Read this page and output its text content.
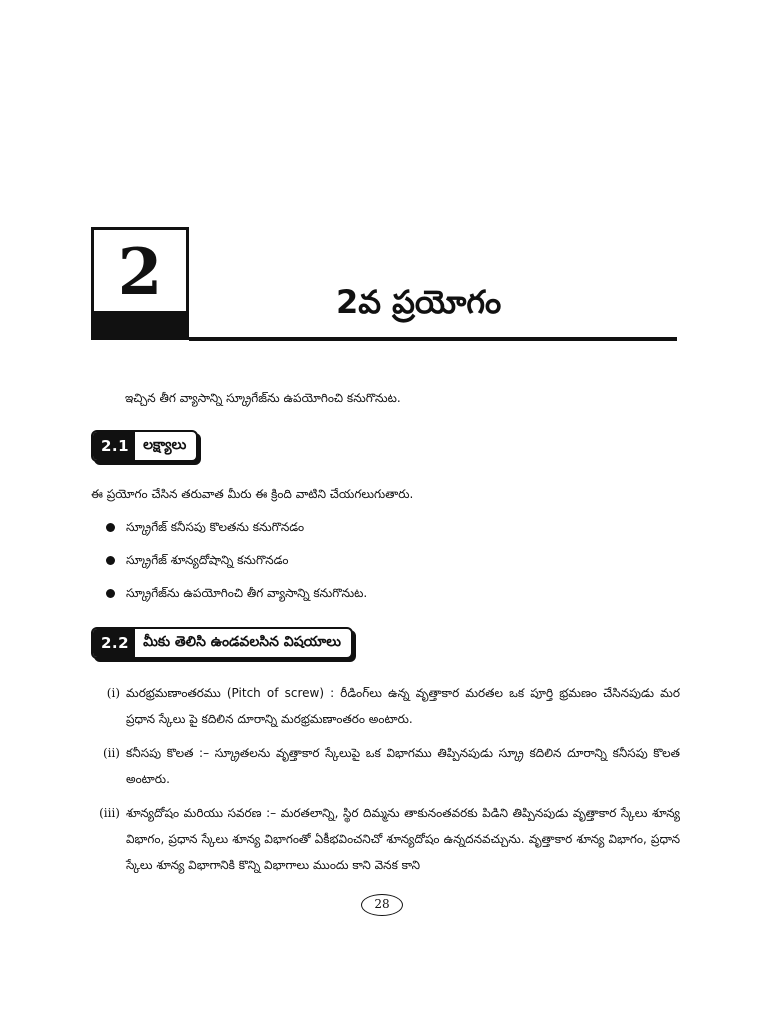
2	2వ ప్రయోగం
ఇచ్చిన తీగ వ్యాసాన్ని స్క్రూగేజ్‌ను ఉపయోగించి కనుగొనుట.
2.1	లక్ష్యాలు
ఈ ప్రయోగం చేసిన తరువాత మీరు ఈ క్రింది వాటిని చేయగలుగుతారు.
స్క్రూగేజ్ కనీసపు కొలతను కనుగొనడం
స్క్రూగేజ్ శూన్యదోషాన్ని కనుగొనడం
స్క్రూగేజ్‌ను ఉపయోగించి తీగ వ్యాసాన్ని కనుగొనుట.
2.2	మీకు తెలిసి ఉండవలసిన విషయాలు
(i) మరభ్రమణాంతరము (Pitch of screw) : రీడింగ్‌లు ఉన్న వృత్తాకార మరతల ఒక పూర్తి భ్రమణం చేసినపుడు మర ప్రధాన స్కేలు పై కదిలిన దూరాన్ని మరభ్రమణాంతరం అంటారు.
(ii) కనీసపు కొలత :– స్క్రూతలను వృత్తాకార స్కేలుపై ఒక విభాగము తిప్పినపుడు స్క్రూ కదిలిన దూరాన్ని కనీసపు కొలత అంటారు.
(iii) శూన్యదోషం మరియు సవరణ :– మరతలాన్ని, స్థిర దిమ్మను తాకునంతవరకు పిడిని తిప్పినపుడు వృత్తాకార స్కేలు శూన్య విభాగం, ప్రధాన స్కేలు శూన్య విభాగంతో ఏకీభవించనిచో శూన్యదోషం ఉన్నదనవచ్చును. వృత్తాకార శూన్య విభాగం, ప్రధాన స్కేలు శూన్య విభాగానికి కొన్ని విభాగాలు ముందు కాని వెనక కాని
28
